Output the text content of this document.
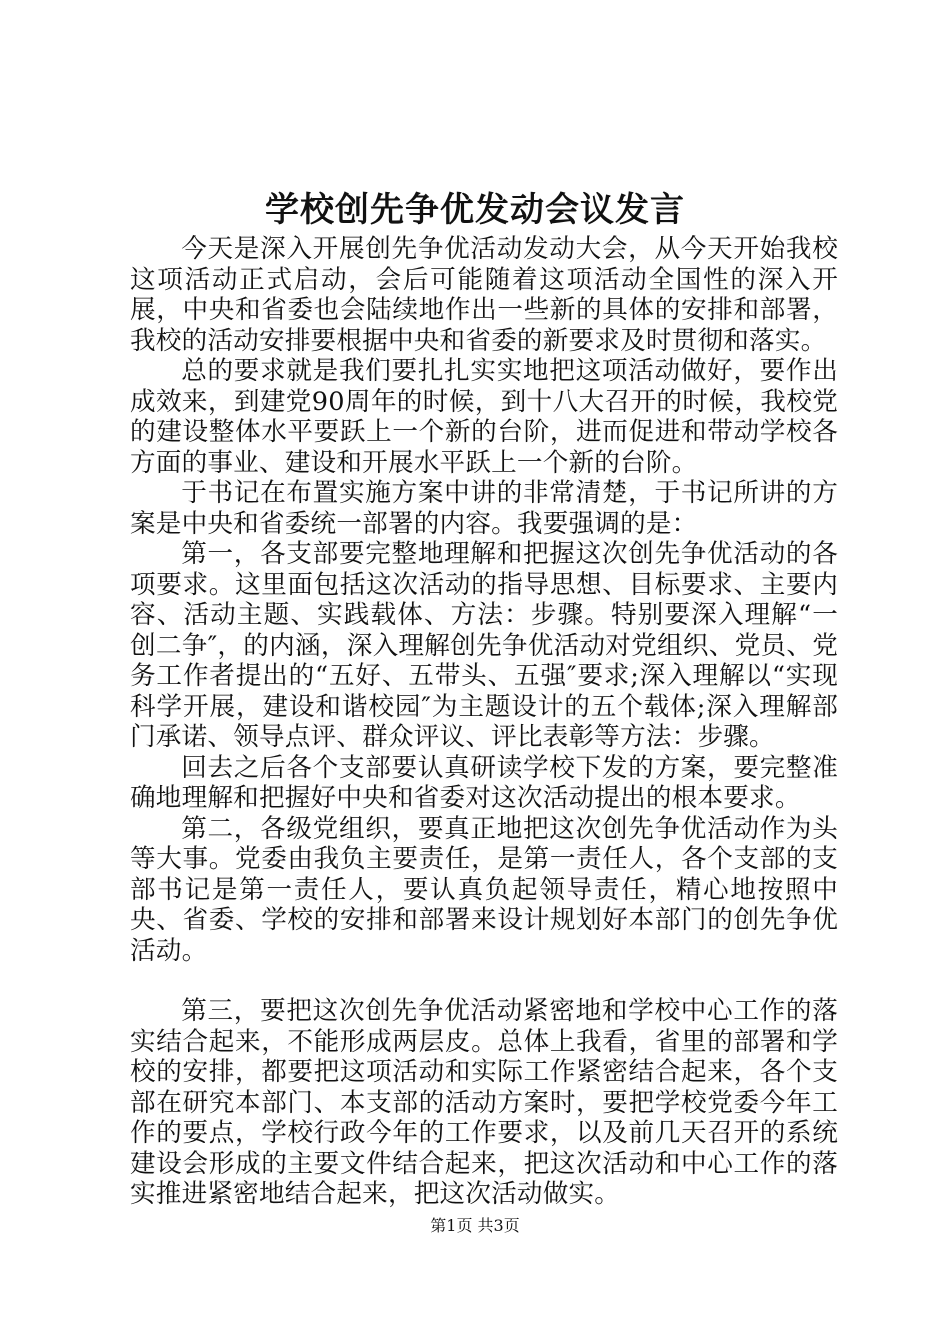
学校创先争优发动会议发言

今天是深入开展创先争优活动发动大会，从今天开始我校这项活动正式启动，会后可能随着这项活动全国性的深入开展，中央和省委也会陆续地作出一些新的具体的安排和部署，我校的活动安排要根据中央和省委的新要求及时贯彻和落实。

总的要求就是我们要扎扎实实地把这项活动做好，要作出成效来，到建党90周年的时候，到十八大召开的时候，我校党的建设整体水平要跃上一个新的台阶，进而促进和带动学校各方面的事业、建设和开展水平跃上一个新的台阶。

于书记在布置实施方案中讲的非常清楚，于书记所讲的方案是中央和省委统一部署的内容。我要强调的是：

第一，各支部要完整地理解和把握这次创先争优活动的各项要求。这里面包括这次活动的指导思想、目标要求、主要内容、活动主题、实践载体、方法：步骤。特别要深入理解“一创二争″，的内涵，深入理解创先争优活动对党组织、党员、党务工作者提出的“五好、五带头、五强″要求;深入理解以“实现科学开展，建设和谐校园″为主题设计的五个载体;深入理解部门承诺、领导点评、群众评议、评比表彰等方法：步骤。

回去之后各个支部要认真研读学校下发的方案，要完整准确地理解和把握好中央和省委对这次活动提出的根本要求。

第二，各级党组织，要真正地把这次创先争优活动作为头等大事。党委由我负主要责任，是第一责任人，各个支部的支部书记是第一责任人，要认真负起领导责任，精心地按照中央、省委、学校的安排和部署来设计规划好本部门的创先争优活动。

第三，要把这次创先争优活动紧密地和学校中心工作的落实结合起来，不能形成两层皮。总体上我看，省里的部署和学校的安排，都要把这项活动和实际工作紧密结合起来，各个支部在研究本部门、本支部的活动方案时，要把学校党委今年工作的要点，学校行政今年的工作要求，以及前几天召开的系统建设会形成的主要文件结合起来，把这次活动和中心工作的落实推进紧密地结合起来，把这次活动做实。

第1页 共3页
